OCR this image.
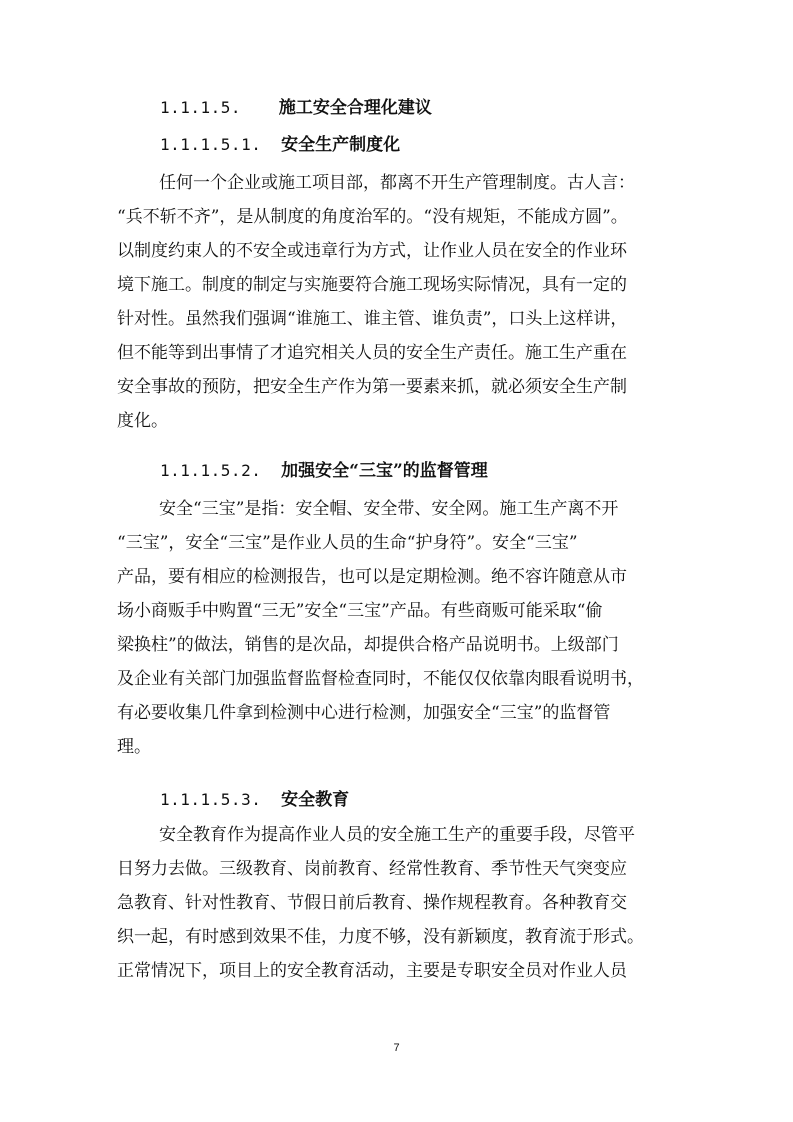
1.1.1.5. 施工安全合理化建议
1.1.1.5.1. 安全生产制度化
任何一个企业或施工项目部，都离不开生产管理制度。古人言：
“兵不斩不齐”，是从制度的角度治军的。“没有规矩，不能成方圆”。
以制度约束人的不安全或违章行为方式，让作业人员在安全的作业环
境下施工。制度的制定与实施要符合施工现场实际情况，具有一定的
针对性。虽然我们强调“谁施工、谁主管、谁负责”，口头上这样讲，
但不能等到出事情了才追究相关人员的安全生产责任。施工生产重在
安全事故的预防，把安全生产作为第一要素来抓，就必须安全生产制
度化。
1.1.1.5.2. 加强安全“三宝”的监督管理
安全“三宝”是指：安全帽、安全带、安全网。施工生产离不开
“三宝”，安全“三宝”是作业人员的生命“护身符”。安全“三宝”
产品，要有相应的检测报告，也可以是定期检测。绝不容许随意从市
场小商贩手中购置“三无”安全“三宝”产品。有些商贩可能采取“偷
梁换柱”的做法，销售的是次品，却提供合格产品说明书。上级部门
及企业有关部门加强监督监督检查同时，不能仅仅依靠肉眼看说明书，
有必要收集几件拿到检测中心进行检测，加强安全“三宝”的监督管
理。
1.1.1.5.3. 安全教育
安全教育作为提高作业人员的安全施工生产的重要手段，尽管平
日努力去做。三级教育、岗前教育、经常性教育、季节性天气突变应
急教育、针对性教育、节假日前后教育、操作规程教育。各种教育交
织一起，有时感到效果不佳，力度不够，没有新颖度，教育流于形式。
正常情况下，项目上的安全教育活动，主要是专职安全员对作业人员
7
